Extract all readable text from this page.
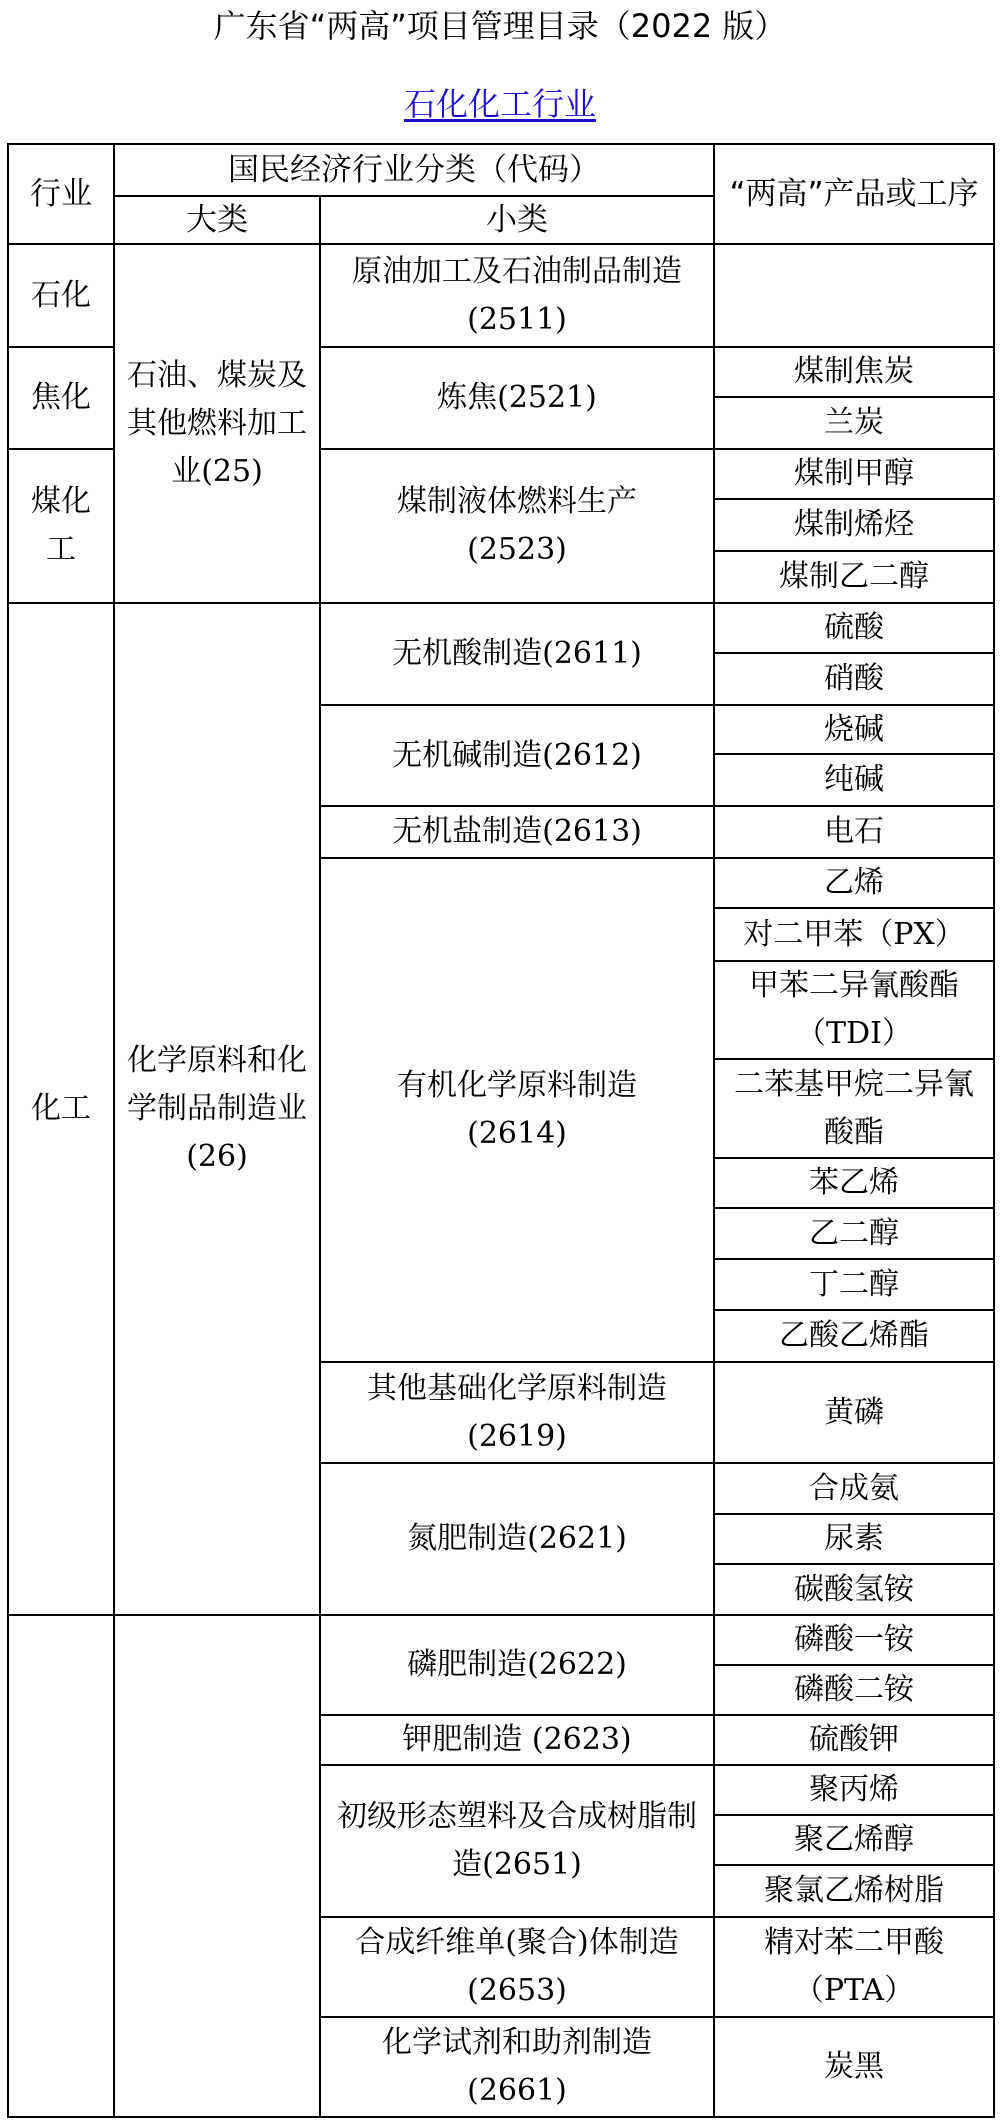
广东省“两高”项目管理目录（2022 版）
石化化工行业
行业
国民经济行业分类（代码）
大类	小类
“两高”产品或工序
石化
焦化
煤化工
化工
石油、煤炭及其他燃料加工业(25)
化学原料和化学制品制造业(26)
原油加工及石油制品制造(2511)
炼焦(2521)
煤制液体燃料生产(2523)
无机酸制造(2611)
无机碱制造(2612)
无机盐制造(2613)
有机化学原料制造(2614)
其他基础化学原料制造(2619)
氮肥制造(2621)
磷肥制造(2622)
钾肥制造 (2623)
初级形态塑料及合成树脂制造(2651)
合成纤维单(聚合)体制造(2653)
化学试剂和助剂制造(2661)
煤制焦炭
兰炭
煤制甲醇
煤制烯烃
煤制乙二醇
硫酸
硝酸
烧碱
纯碱
电石
乙烯
对二甲苯（PX）
甲苯二异氰酸酯（TDI）
二苯基甲烷二异氰酸酯
苯乙烯
乙二醇
丁二醇
乙酸乙烯酯
黄磷
合成氨
尿素
碳酸氢铵
磷酸一铵
磷酸二铵
硫酸钾
聚丙烯
聚乙烯醇
聚氯乙烯树脂
精对苯二甲酸（PTA）
炭黑
